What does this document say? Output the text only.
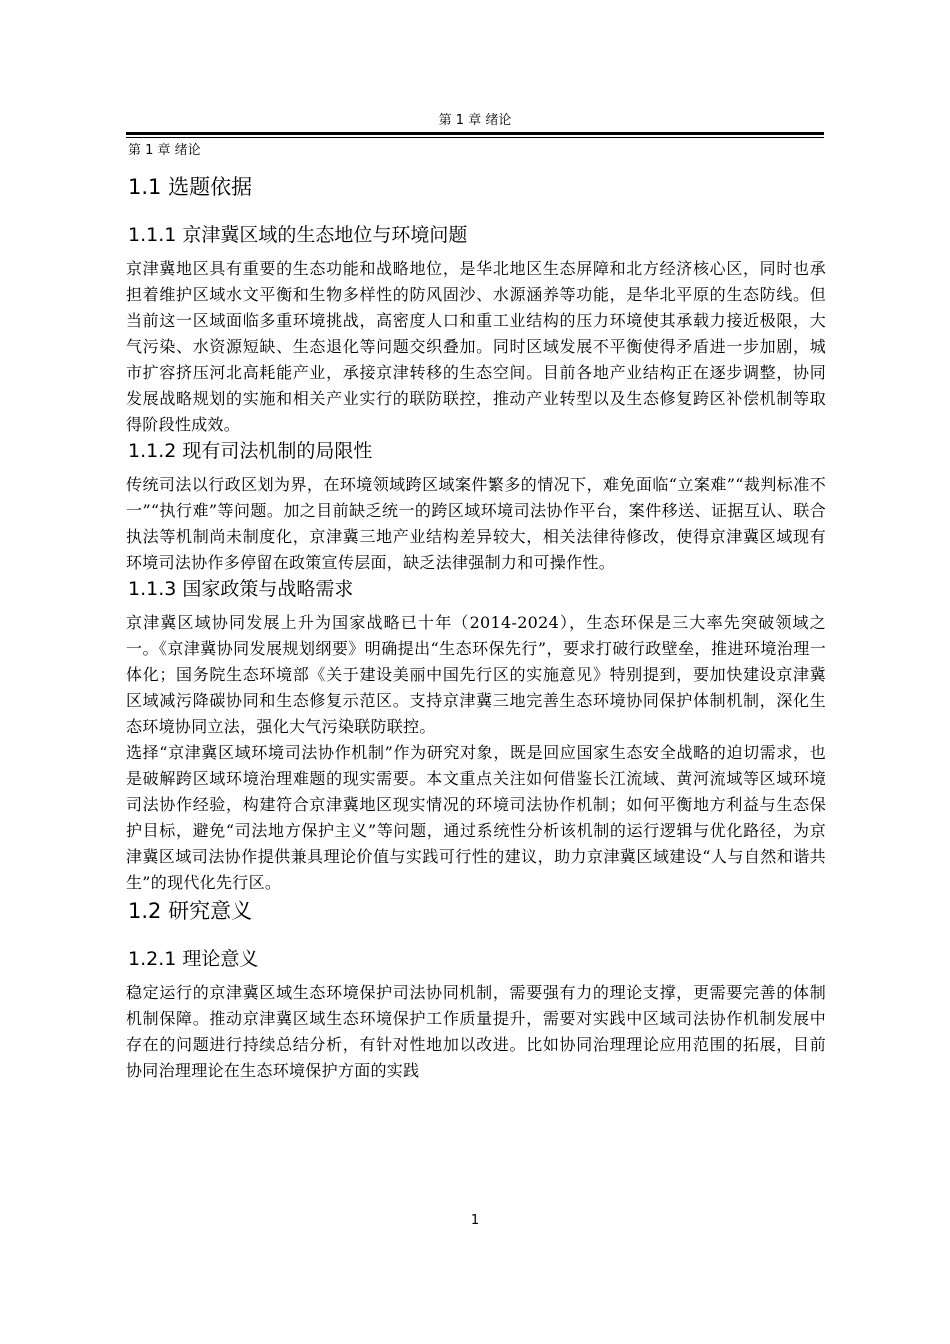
第 1 章 绪论
第 1 章 绪论
1.1 选题依据
1.1.1 京津冀区域的生态地位与环境问题

京津冀地区具有重要的生态功能和战略地位，是华北地区生态屏障和北方经济核心区，同时也承担着维护区域水文平衡和生物多样性的防风固沙、水源涵养等功能，是华北平原的生态防线。但当前这一区域面临多重环境挑战，高密度人口和重工业结构的压力环境使其承载力接近极限，大气污染、水资源短缺、生态退化等问题交织叠加。同时区域发展不平衡使得矛盾进一步加剧，城市扩容挤压河北高耗能产业，承接京津转移的生态空间。目前各地产业结构正在逐步调整，协同发展战略规划的实施和相关产业实行的联防联控，推动产业转型以及生态修复跨区补偿机制等取得阶段性成效。

1.1.2 现有司法机制的局限性

传统司法以行政区划为界，在环境领域跨区域案件繁多的情况下，难免面临“立案难”“裁判标准不一”“执行难”等问题。加之目前缺乏统一的跨区域环境司法协作平台，案件移送、证据互认、联合执法等机制尚未制度化，京津冀三地产业结构差异较大，相关法律待修改，使得京津冀区域现有环境司法协作多停留在政策宣传层面，缺乏法律强制力和可操作性。

1.1.3 国家政策与战略需求

京津冀区域协同发展上升为国家战略已十年（2014-2024），生态环保是三大率先突破领域之一。《京津冀协同发展规划纲要》明确提出“生态环保先行”，要求打破行政壁垒，推进环境治理一体化；国务院生态环境部《关于建设美丽中国先行区的实施意见》特别提到，要加快建设京津冀区域减污降碳协同和生态修复示范区。支持京津冀三地完善生态环境协同保护体制机制，深化生态环境协同立法，强化大气污染联防联控。

选择“京津冀区域环境司法协作机制”作为研究对象，既是回应国家生态安全战略的迫切需求，也是破解跨区域环境治理难题的现实需要。本文重点关注如何借鉴长江流域、黄河流域等区域环境司法协作经验，构建符合京津冀地区现实情况的环境司法协作机制；如何平衡地方利益与生态保护目标，避免“司法地方保护主义”等问题，通过系统性分析该机制的运行逻辑与优化路径，为京津冀区域司法协作提供兼具理论价值与实践可行性的建议，助力京津冀区域建设“人与自然和谐共生”的现代化先行区。

1.2 研究意义
1.2.1 理论意义

稳定运行的京津冀区域生态环境保护司法协同机制，需要强有力的理论支撑，更需要完善的体制机制保障。推动京津冀区域生态环境保护工作质量提升，需要对实践中区域司法协作机制发展中存在的问题进行持续总结分析，有针对性地加以改进。比如协同治理理论应用范围的拓展，目前协同治理理论在生态环境保护方面的实践

1
